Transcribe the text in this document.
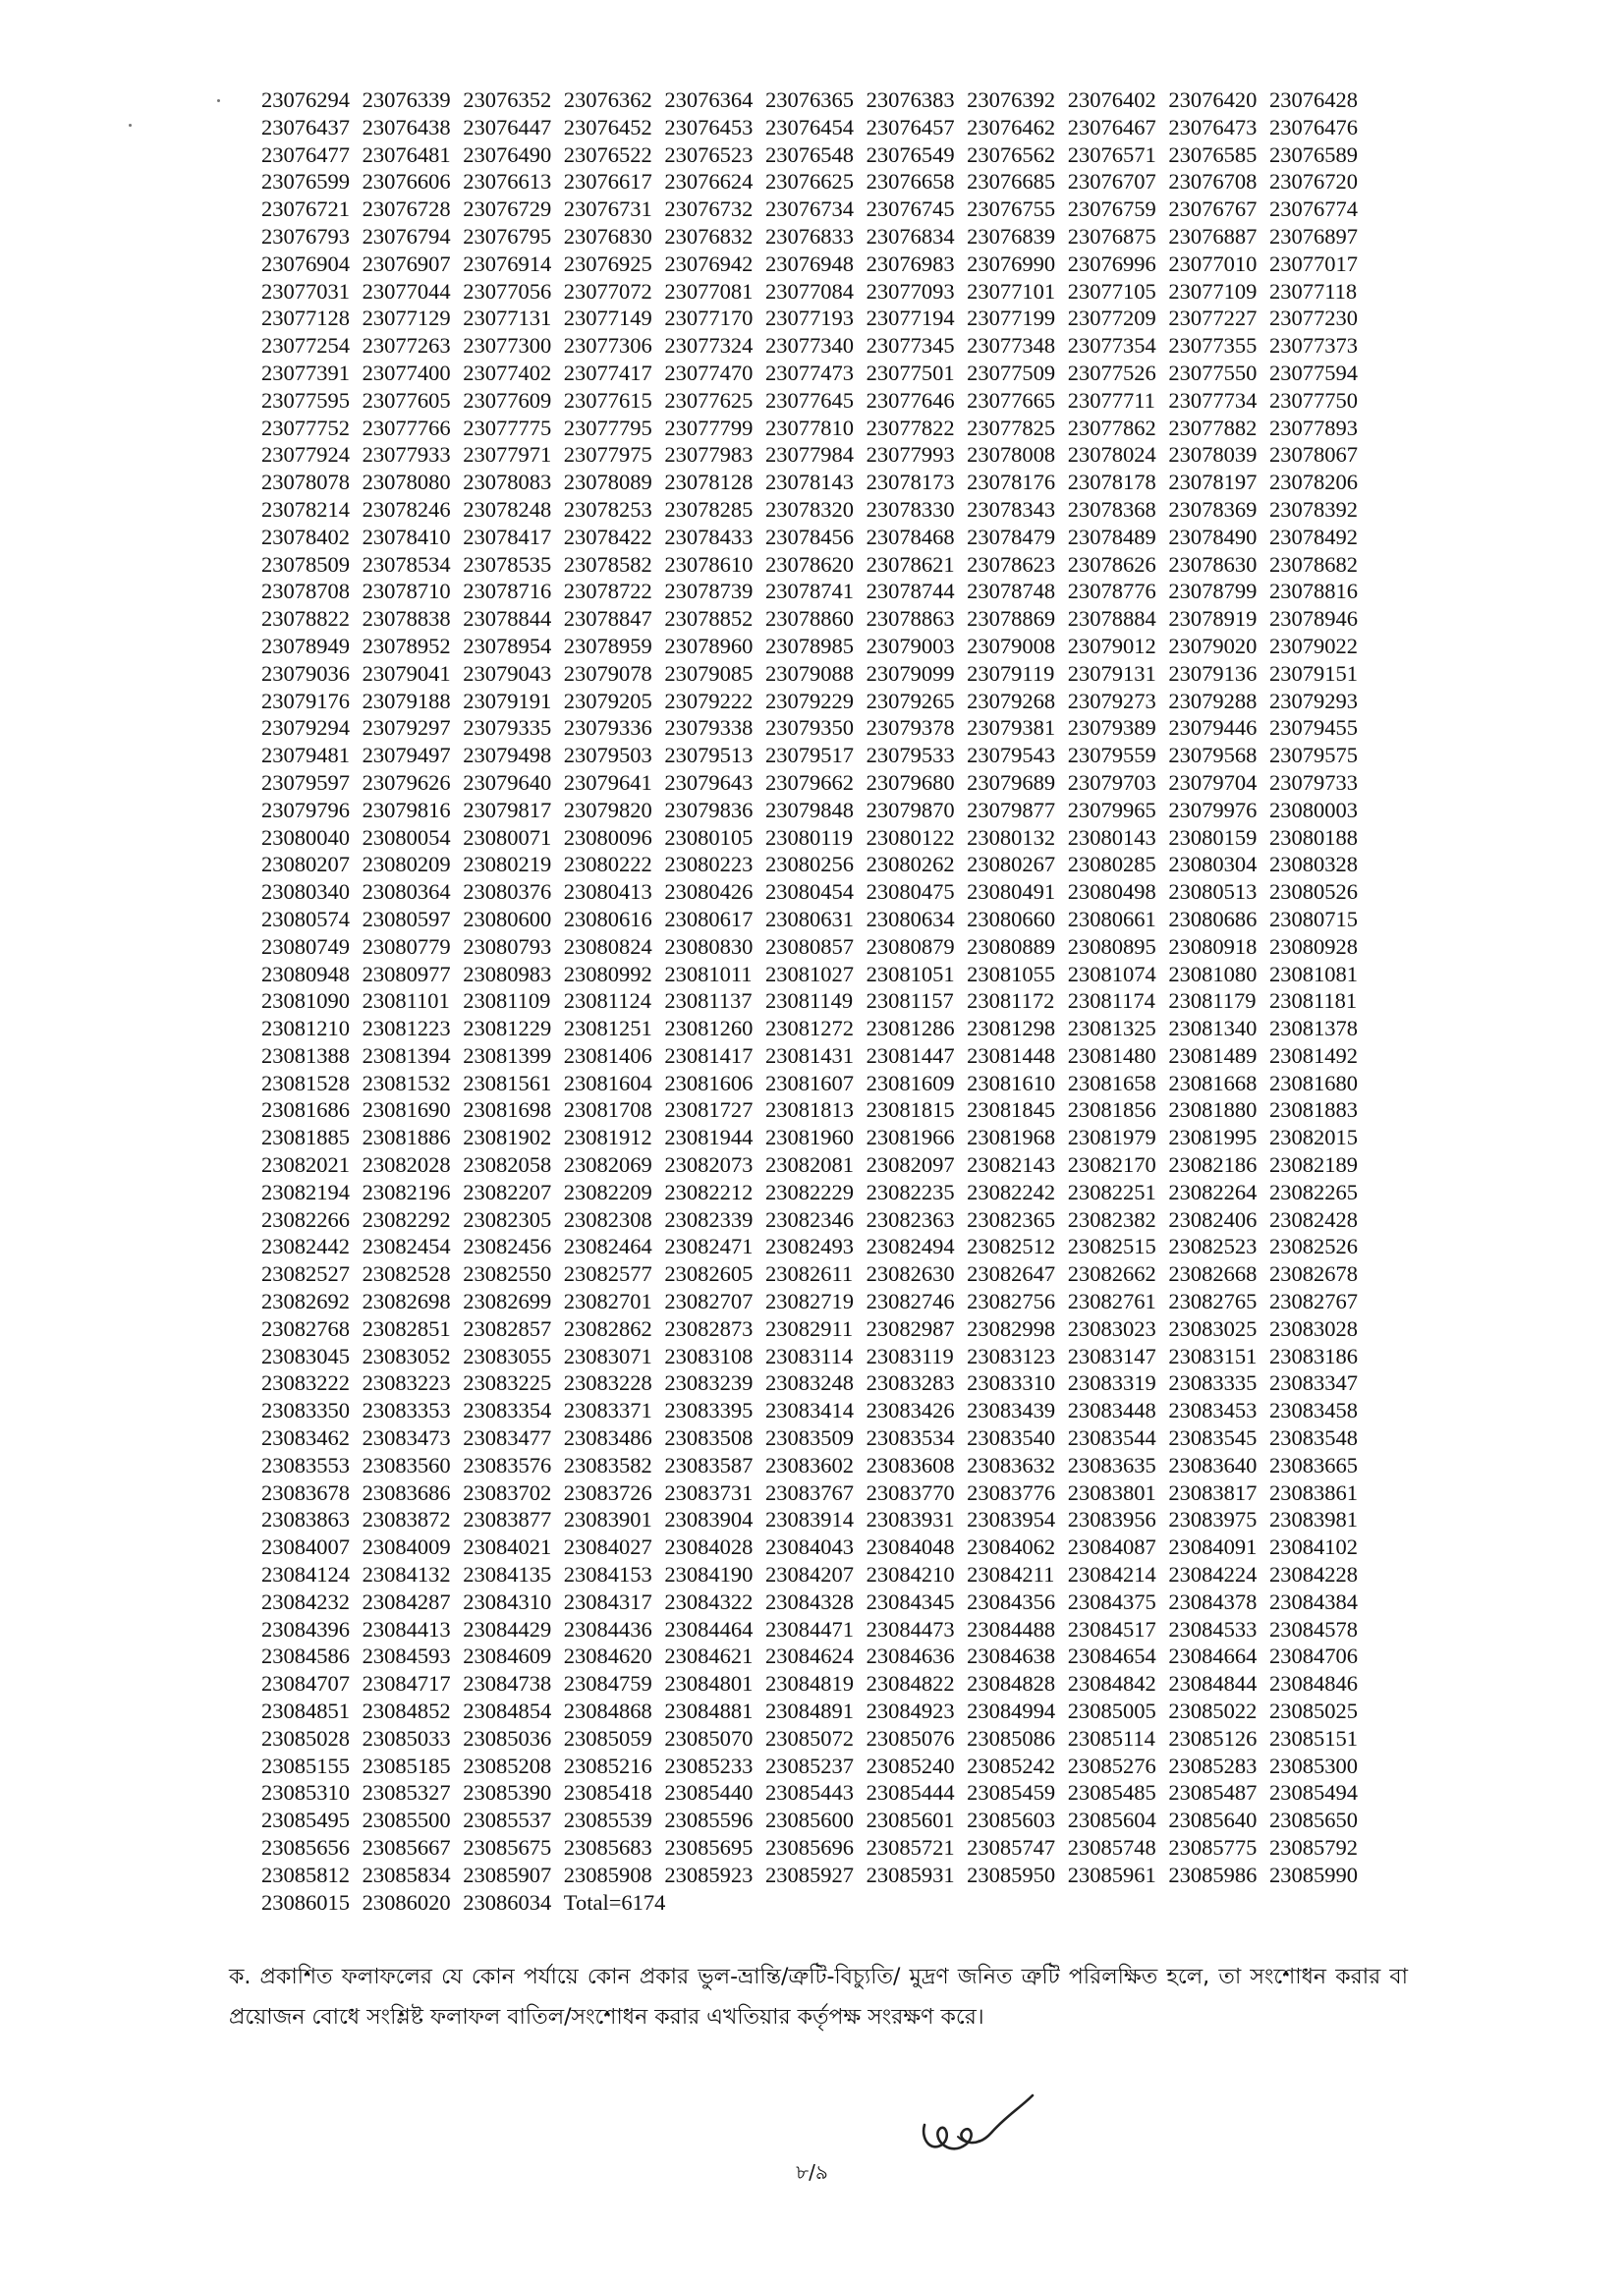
23076294 23076339 23076352 23076362 23076364 23076365 23076383 23076392 23076402 23076420 23076428
23076437 23076438 23076447 23076452 23076453 23076454 23076457 23076462 23076467 23076473 23076476
23076477 23076481 23076490 23076522 23076523 23076548 23076549 23076562 23076571 23076585 23076589
23076599 23076606 23076613 23076617 23076624 23076625 23076658 23076685 23076707 23076708 23076720
23076721 23076728 23076729 23076731 23076732 23076734 23076745 23076755 23076759 23076767 23076774
23076793 23076794 23076795 23076830 23076832 23076833 23076834 23076839 23076875 23076887 23076897
23076904 23076907 23076914 23076925 23076942 23076948 23076983 23076990 23076996 23077010 23077017
23077031 23077044 23077056 23077072 23077081 23077084 23077093 23077101 23077105 23077109 23077118
23077128 23077129 23077131 23077149 23077170 23077193 23077194 23077199 23077209 23077227 23077230
23077254 23077263 23077300 23077306 23077324 23077340 23077345 23077348 23077354 23077355 23077373
23077391 23077400 23077402 23077417 23077470 23077473 23077501 23077509 23077526 23077550 23077594
23077595 23077605 23077609 23077615 23077625 23077645 23077646 23077665 23077711 23077734 23077750
23077752 23077766 23077775 23077795 23077799 23077810 23077822 23077825 23077862 23077882 23077893
23077924 23077933 23077971 23077975 23077983 23077984 23077993 23078008 23078024 23078039 23078067
23078078 23078080 23078083 23078089 23078128 23078143 23078173 23078176 23078178 23078197 23078206
23078214 23078246 23078248 23078253 23078285 23078320 23078330 23078343 23078368 23078369 23078392
23078402 23078410 23078417 23078422 23078433 23078456 23078468 23078479 23078489 23078490 23078492
23078509 23078534 23078535 23078582 23078610 23078620 23078621 23078623 23078626 23078630 23078682
23078708 23078710 23078716 23078722 23078739 23078741 23078744 23078748 23078776 23078799 23078816
23078822 23078838 23078844 23078847 23078852 23078860 23078863 23078869 23078884 23078919 23078946
23078949 23078952 23078954 23078959 23078960 23078985 23079003 23079008 23079012 23079020 23079022
23079036 23079041 23079043 23079078 23079085 23079088 23079099 23079119 23079131 23079136 23079151
23079176 23079188 23079191 23079205 23079222 23079229 23079265 23079268 23079273 23079288 23079293
23079294 23079297 23079335 23079336 23079338 23079350 23079378 23079381 23079389 23079446 23079455
23079481 23079497 23079498 23079503 23079513 23079517 23079533 23079543 23079559 23079568 23079575
23079597 23079626 23079640 23079641 23079643 23079662 23079680 23079689 23079703 23079704 23079733
23079796 23079816 23079817 23079820 23079836 23079848 23079870 23079877 23079965 23079976 23080003
23080040 23080054 23080071 23080096 23080105 23080119 23080122 23080132 23080143 23080159 23080188
23080207 23080209 23080219 23080222 23080223 23080256 23080262 23080267 23080285 23080304 23080328
23080340 23080364 23080376 23080413 23080426 23080454 23080475 23080491 23080498 23080513 23080526
23080574 23080597 23080600 23080616 23080617 23080631 23080634 23080660 23080661 23080686 23080715
23080749 23080779 23080793 23080824 23080830 23080857 23080879 23080889 23080895 23080918 23080928
23080948 23080977 23080983 23080992 23081011 23081027 23081051 23081055 23081074 23081080 23081081
23081090 23081101 23081109 23081124 23081137 23081149 23081157 23081172 23081174 23081179 23081181
23081210 23081223 23081229 23081251 23081260 23081272 23081286 23081298 23081325 23081340 23081378
23081388 23081394 23081399 23081406 23081417 23081431 23081447 23081448 23081480 23081489 23081492
23081528 23081532 23081561 23081604 23081606 23081607 23081609 23081610 23081658 23081668 23081680
23081686 23081690 23081698 23081708 23081727 23081813 23081815 23081845 23081856 23081880 23081883
23081885 23081886 23081902 23081912 23081944 23081960 23081966 23081968 23081979 23081995 23082015
23082021 23082028 23082058 23082069 23082073 23082081 23082097 23082143 23082170 23082186 23082189
23082194 23082196 23082207 23082209 23082212 23082229 23082235 23082242 23082251 23082264 23082265
23082266 23082292 23082305 23082308 23082339 23082346 23082363 23082365 23082382 23082406 23082428
23082442 23082454 23082456 23082464 23082471 23082493 23082494 23082512 23082515 23082523 23082526
23082527 23082528 23082550 23082577 23082605 23082611 23082630 23082647 23082662 23082668 23082678
23082692 23082698 23082699 23082701 23082707 23082719 23082746 23082756 23082761 23082765 23082767
23082768 23082851 23082857 23082862 23082873 23082911 23082987 23082998 23083023 23083025 23083028
23083045 23083052 23083055 23083071 23083108 23083114 23083119 23083123 23083147 23083151 23083186
23083222 23083223 23083225 23083228 23083239 23083248 23083283 23083310 23083319 23083335 23083347
23083350 23083353 23083354 23083371 23083395 23083414 23083426 23083439 23083448 23083453 23083458
23083462 23083473 23083477 23083486 23083508 23083509 23083534 23083540 23083544 23083545 23083548
23083553 23083560 23083576 23083582 23083587 23083602 23083608 23083632 23083635 23083640 23083665
23083678 23083686 23083702 23083726 23083731 23083767 23083770 23083776 23083801 23083817 23083861
23083863 23083872 23083877 23083901 23083904 23083914 23083931 23083954 23083956 23083975 23083981
23084007 23084009 23084021 23084027 23084028 23084043 23084048 23084062 23084087 23084091 23084102
23084124 23084132 23084135 23084153 23084190 23084207 23084210 23084211 23084214 23084224 23084228
23084232 23084287 23084310 23084317 23084322 23084328 23084345 23084356 23084375 23084378 23084384
23084396 23084413 23084429 23084436 23084464 23084471 23084473 23084488 23084517 23084533 23084578
23084586 23084593 23084609 23084620 23084621 23084624 23084636 23084638 23084654 23084664 23084706
23084707 23084717 23084738 23084759 23084801 23084819 23084822 23084828 23084842 23084844 23084846
23084851 23084852 23084854 23084868 23084881 23084891 23084923 23084994 23085005 23085022 23085025
23085028 23085033 23085036 23085059 23085070 23085072 23085076 23085086 23085114 23085126 23085151
23085155 23085185 23085208 23085216 23085233 23085237 23085240 23085242 23085276 23085283 23085300
23085310 23085327 23085390 23085418 23085440 23085443 23085444 23085459 23085485 23085487 23085494
23085495 23085500 23085537 23085539 23085596 23085600 23085601 23085603 23085604 23085640 23085650
23085656 23085667 23085675 23085683 23085695 23085696 23085721 23085747 23085748 23085775 23085792
23085812 23085834 23085907 23085908 23085923 23085927 23085931 23085950 23085961 23085986 23085990
23086015 23086020 23086034 Total=6174
ক. প্রকাশিত ফলাফলের যে কোন পর্যায়ে কোন প্রকার ভুল-ভ্রান্তি/ত্রুটি-বিচ্যুতি/ মুদ্রণ জনিত ত্রুটি পরিলক্ষিত হলে, তা সংশোধন করার বা
প্রয়োজন বোধে সংশ্লিষ্ট ফলাফল বাতিল/সংশোধন করার এখতিয়ার কর্তৃপক্ষ সংরক্ষণ করে।
৮/৯
